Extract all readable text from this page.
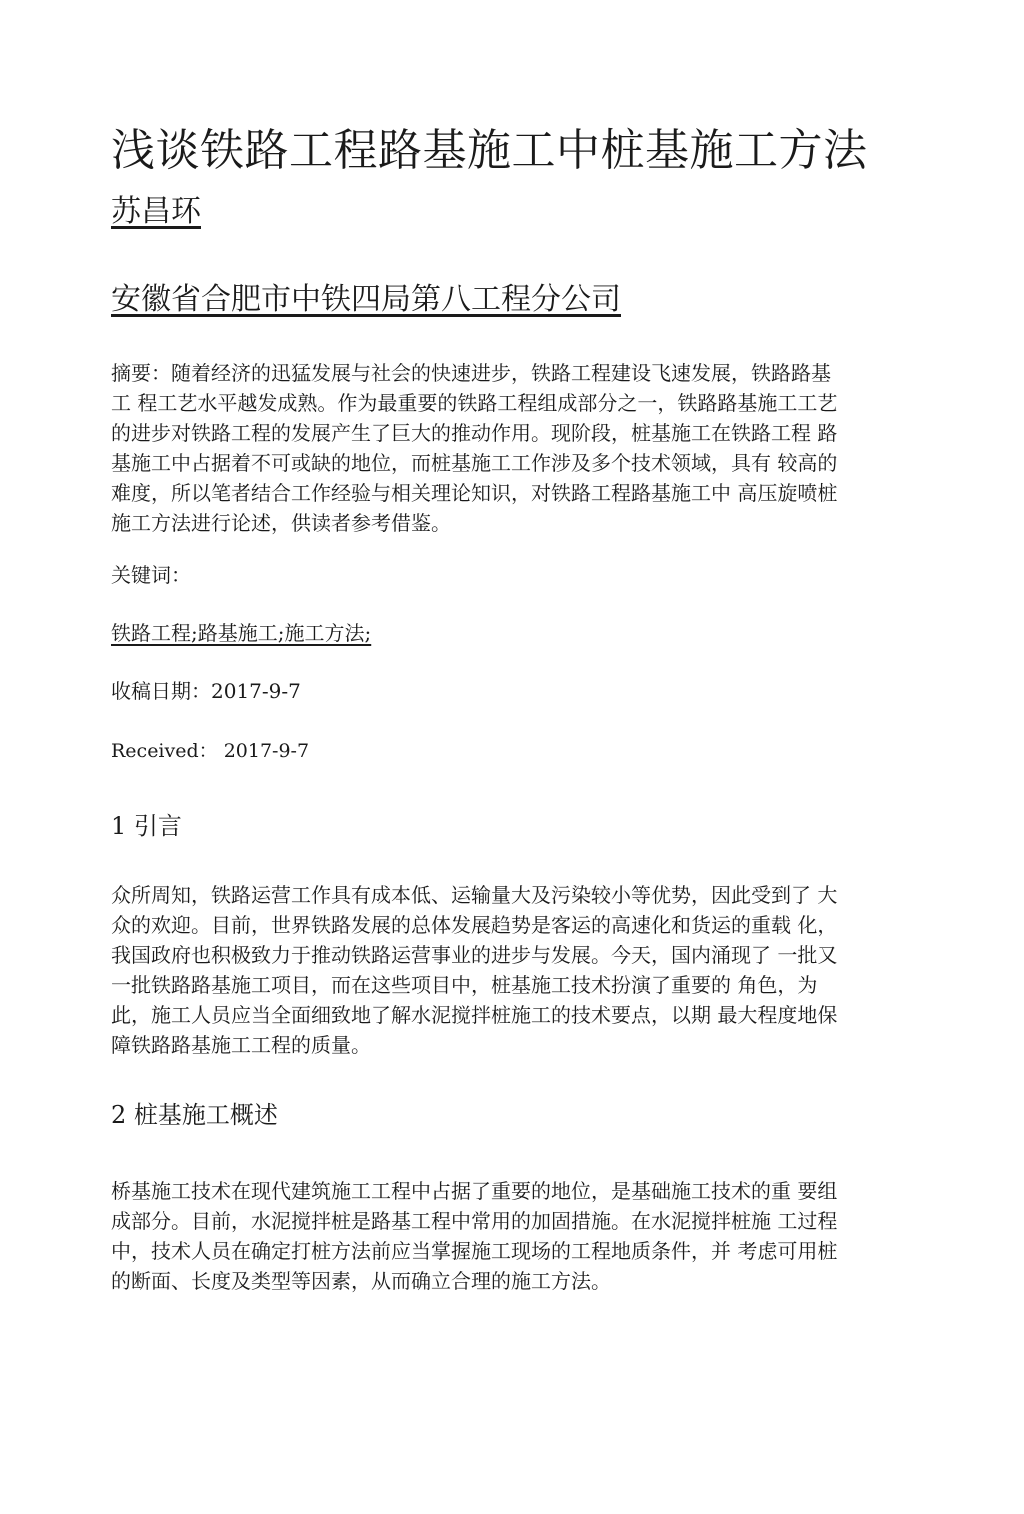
浅谈铁路工程路基施工中桩基施工方法
苏昌环
安徽省合肥市中铁四局第八工程分公司
摘要：随着经济的迅猛发展与社会的快速进步，铁路工程建设飞速发展，铁路路基
工 程工艺水平越发成熟。作为最重要的铁路工程组成部分之一，铁路路基施工工艺
的进步对铁路工程的发展产生了巨大的推动作用。现阶段，桩基施工在铁路工程 路
基施工中占据着不可或缺的地位，而桩基施工工作涉及多个技术领域，具有 较高的
难度，所以笔者结合工作经验与相关理论知识，对铁路工程路基施工中 高压旋喷桩
施工方法进行论述，供读者参考借鉴。
关键词：
铁路工程;路基施工;施工方法;
收稿日期：2017-9-7
Received： 2017-9-7
1 引言
众所周知，铁路运营工作具有成本低、运输量大及污染较小等优势，因此受到了 大
众的欢迎。目前，世界铁路发展的总体发展趋势是客运的高速化和货运的重载 化，
我国政府也积极致力于推动铁路运营事业的进步与发展。今天，国内涌现了 一批又
一批铁路路基施工项目，而在这些项目中，桩基施工技术扮演了重要的 角色，为
此，施工人员应当全面细致地了解水泥搅拌桩施工的技术要点，以期 最大程度地保
障铁路路基施工工程的质量。
2 桩基施工概述
桥基施工技术在现代建筑施工工程中占据了重要的地位，是基础施工技术的重 要组
成部分。目前，水泥搅拌桩是路基工程中常用的加固措施。在水泥搅拌桩施 工过程
中，技术人员在确定打桩方法前应当掌握施工现场的工程地质条件，并 考虑可用桩
的断面、长度及类型等因素，从而确立合理的施工方法。
